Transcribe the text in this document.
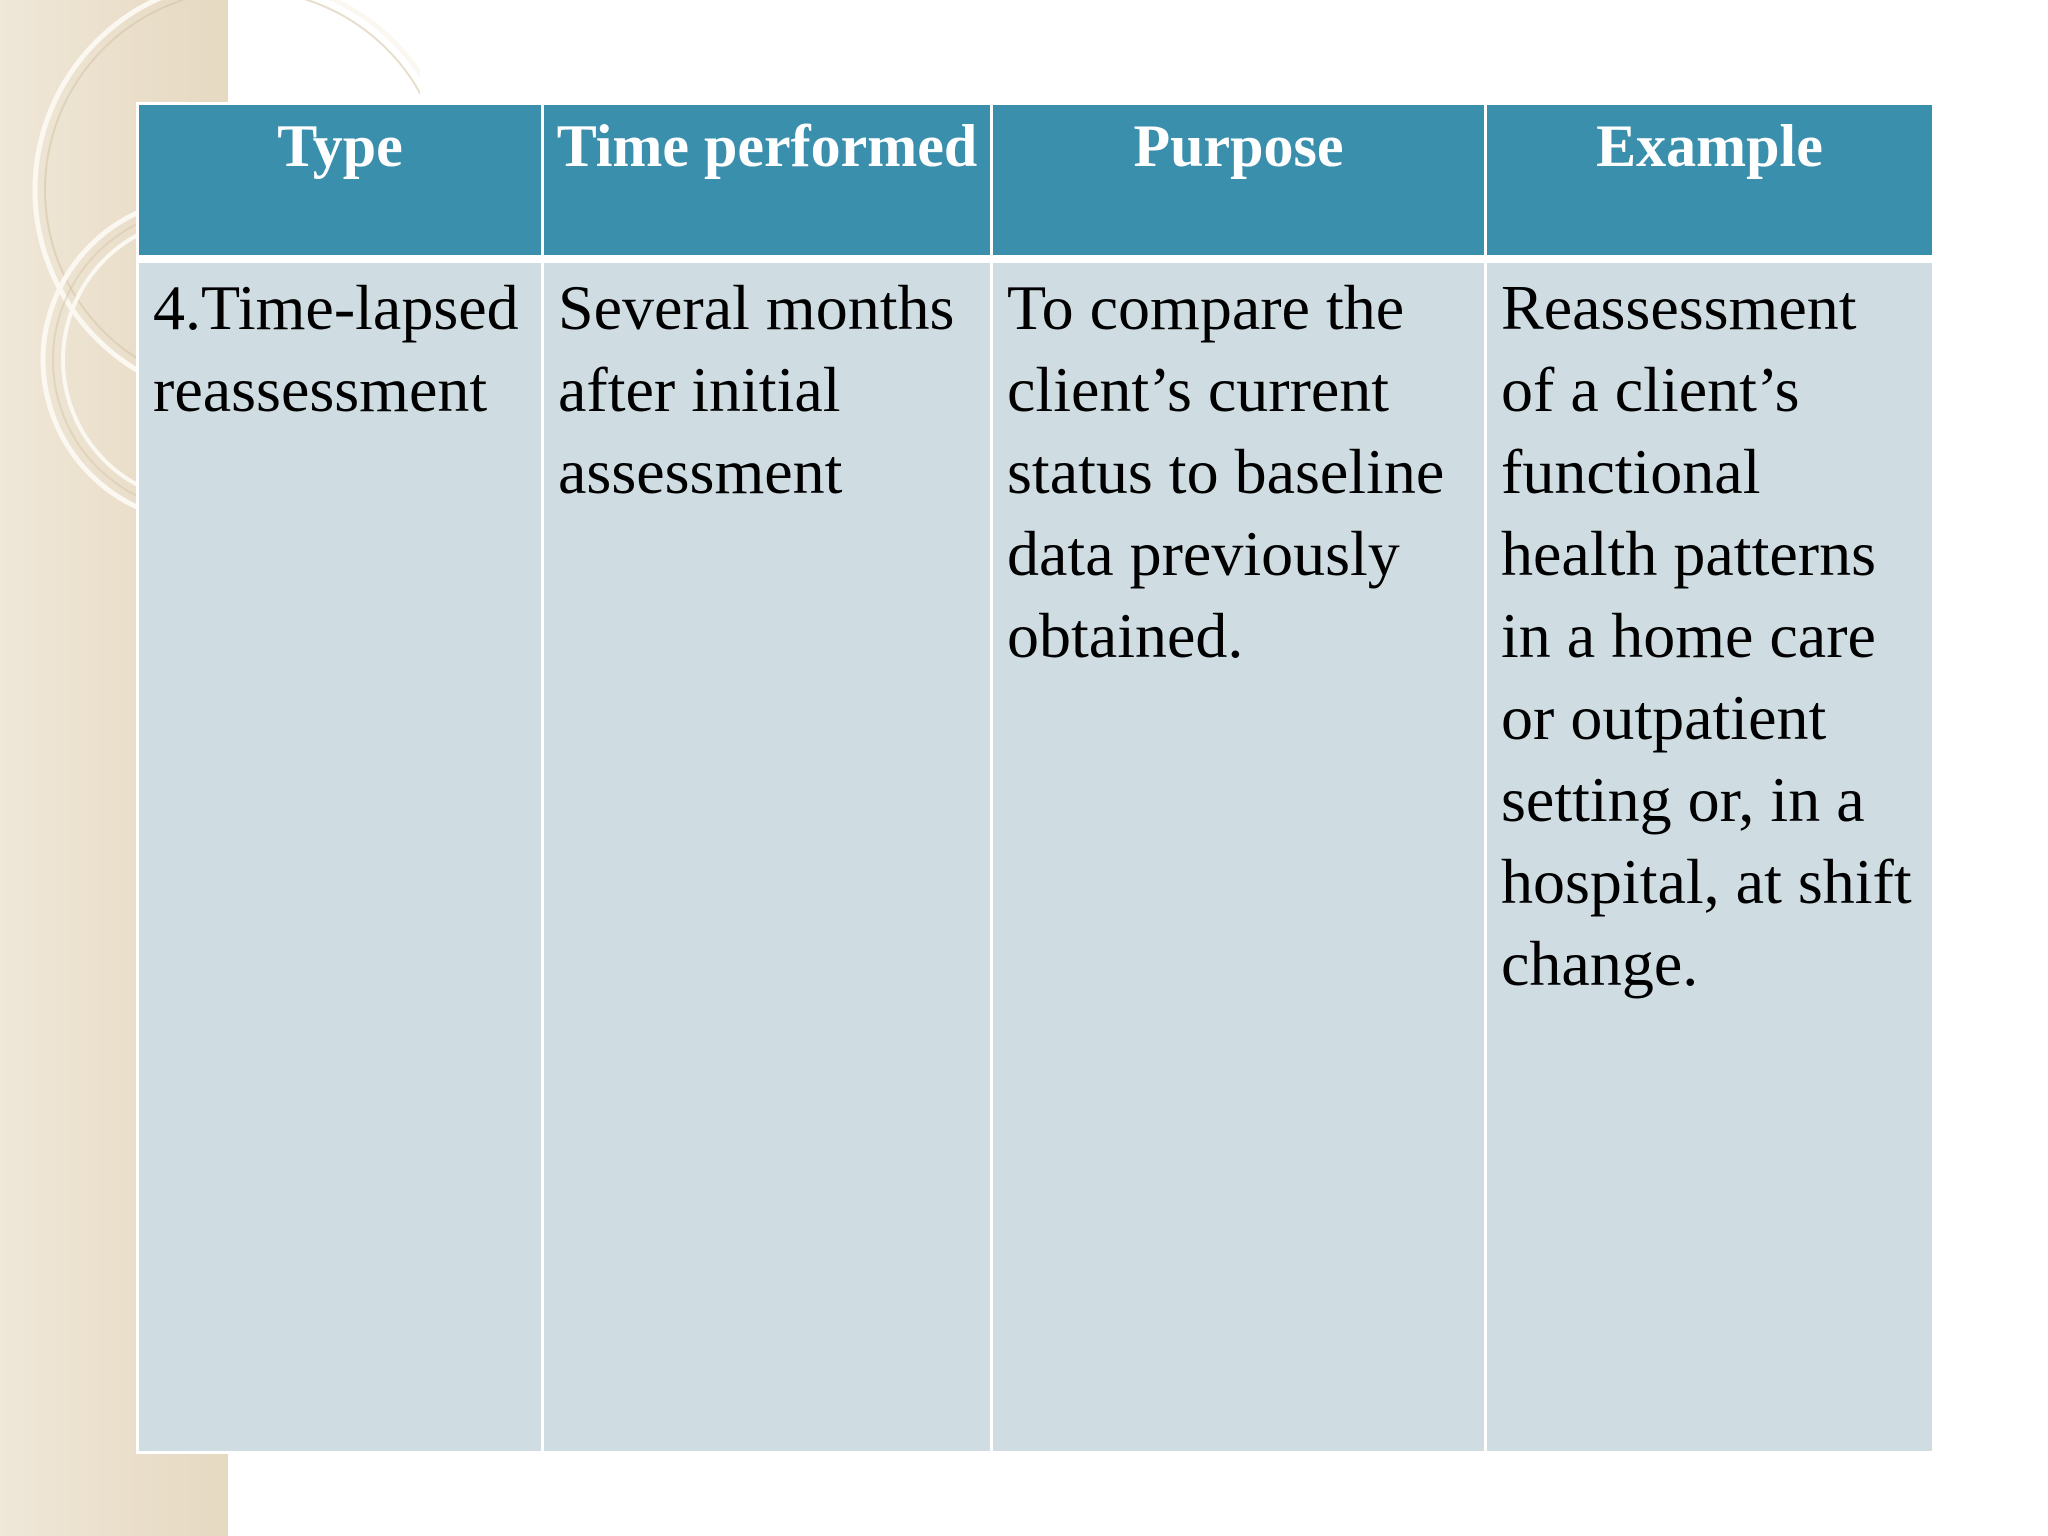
Type	Time performed	Purpose	Example
4.Time-lapsed reassessment	Several months after initial assessment	To compare the client’s current status to baseline data previously obtained.	Reassessment of a client’s functional health patterns in a home care or outpatient setting or, in a hospital, at shift change.
